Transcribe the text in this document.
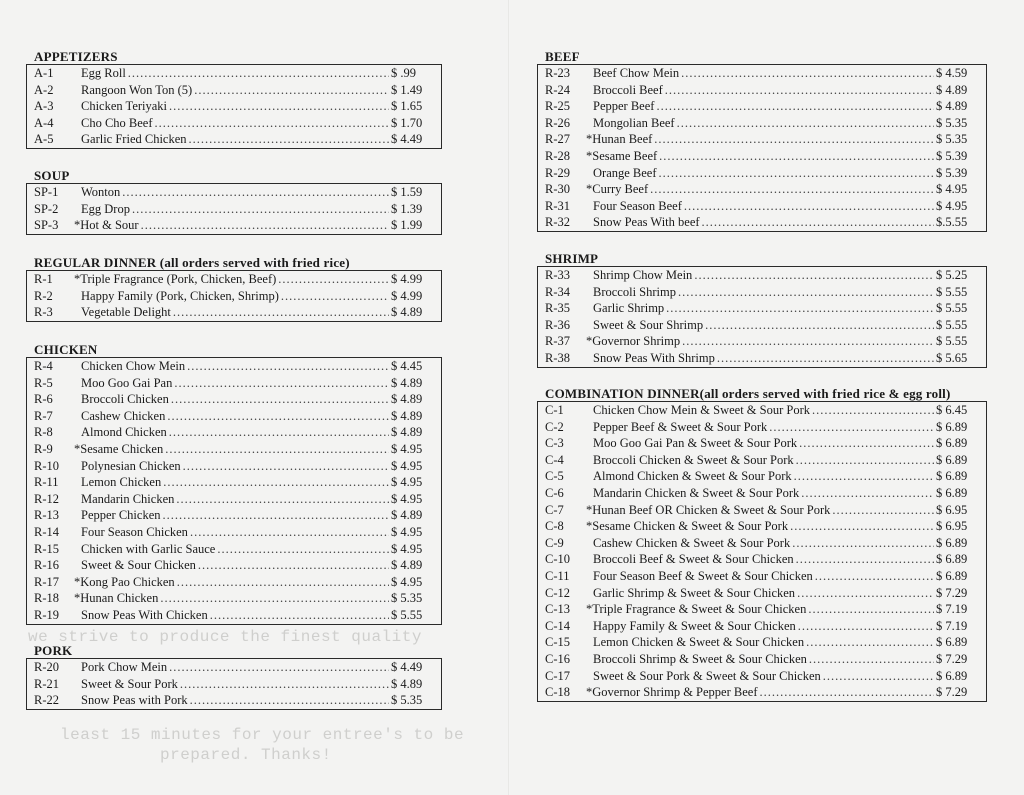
we strive to produce the finest quality
least 15 minutes for your entree's to be
prepared. Thanks!
APPETIZERS
A-1	Egg Roll .....	$ .99
A-2	Rangoon Won Ton (5) .....	$ 1.49
A-3	Chicken Teriyaki .....	$ 1.65
A-4	Cho Cho Beef .....	$ 1.70
A-5	Garlic Fried Chicken .....	$ 4.49
SOUP
SP-1	Wonton .....	$ 1.59
SP-2	Egg Drop .....	$ 1.39
SP-3	*Hot & Sour .....	$ 1.99
REGULAR DINNER (all orders served with fried rice)
R-1	*Triple Fragrance (Pork, Chicken, Beef) .....	$ 4.99
R-2	Happy Family (Pork, Chicken, Shrimp) .....	$ 4.99
R-3	Vegetable Delight .....	$ 4.89
CHICKEN
R-4	Chicken Chow Mein .....	$ 4.45
R-5	Moo Goo Gai Pan .....	$ 4.89
R-6	Broccoli Chicken .....	$ 4.89
R-7	Cashew Chicken .....	$ 4.89
R-8	Almond Chicken .....	$ 4.89
R-9	*Sesame Chicken .....	$ 4.95
R-10	Polynesian Chicken .....	$ 4.95
R-11	Lemon Chicken .....	$ 4.95
R-12	Mandarin Chicken .....	$ 4.95
R-13	Pepper Chicken .....	$ 4.89
R-14	Four Season Chicken .....	$ 4.95
R-15	Chicken with Garlic Sauce .....	$ 4.95
R-16	Sweet & Sour Chicken .....	$ 4.89
R-17	*Kong Pao Chicken .....	$ 4.95
R-18	*Hunan Chicken .....	$ 5.35
R-19	Snow Peas With Chicken .....	$ 5.55
PORK
R-20	Pork Chow Mein .....	$ 4.49
R-21	Sweet & Sour Pork .....	$ 4.89
R-22	Snow Peas with Pork .....	$ 5.35
BEEF
R-23	Beef Chow Mein .....	$ 4.59
R-24	Broccoli Beef .....	$ 4.89
R-25	Pepper Beef .....	$ 4.89
R-26	Mongolian Beef .....	$ 5.35
R-27	*Hunan Beef .....	$ 5.35
R-28	*Sesame Beef .....	$ 5.39
R-29	Orange Beef .....	$ 5.39
R-30	*Curry Beef .....	$ 4.95
R-31	Four Season Beef .....	$ 4.95
R-32	Snow Peas With beef .....	$.5.55
SHRIMP
R-33	Shrimp Chow Mein .....	$ 5.25
R-34	Broccoli Shrimp .....	$ 5.55
R-35	Garlic Shrimp .....	$ 5.55
R-36	Sweet & Sour Shrimp .....	$ 5.55
R-37	*Governor Shrimp .....	$ 5.55
R-38	Snow Peas With Shrimp .....	$ 5.65
COMBINATION DINNER(all orders served with fried rice & egg roll)
C-1	Chicken Chow Mein & Sweet & Sour Pork .....	$ 6.45
C-2	Pepper Beef & Sweet & Sour Pork .....	$ 6.89
C-3	Moo Goo Gai Pan & Sweet & Sour Pork .....	$ 6.89
C-4	Broccoli Chicken & Sweet & Sour Pork .....	$ 6.89
C-5	Almond Chicken & Sweet & Sour Pork .....	$ 6.89
C-6	Mandarin Chicken & Sweet & Sour Pork .....	$ 6.89
C-7	*Hunan Beef OR Chicken & Sweet & Sour Pork .....	$ 6.95
C-8	*Sesame Chicken & Sweet & Sour Pork .....	$ 6.95
C-9	Cashew Chicken & Sweet & Sour Pork .....	$ 6.89
C-10	Broccoli Beef & Sweet & Sour Chicken .....	$ 6.89
C-11	Four Season Beef & Sweet & Sour Chicken .....	$ 6.89
C-12	Garlic Shrimp & Sweet & Sour Chicken .....	$ 7.29
C-13	*Triple Fragrance & Sweet & Sour Chicken .....	$ 7.19
C-14	Happy Family & Sweet & Sour Chicken .....	$ 7.19
C-15	Lemon Chicken & Sweet & Sour Chicken .....	$ 6.89
C-16	Broccoli Shrimp & Sweet & Sour Chicken .....	$ 7.29
C-17	Sweet & Sour Pork & Sweet & Sour Chicken .....	$ 6.89
C-18	*Governor Shrimp & Pepper Beef .....	$ 7.29
